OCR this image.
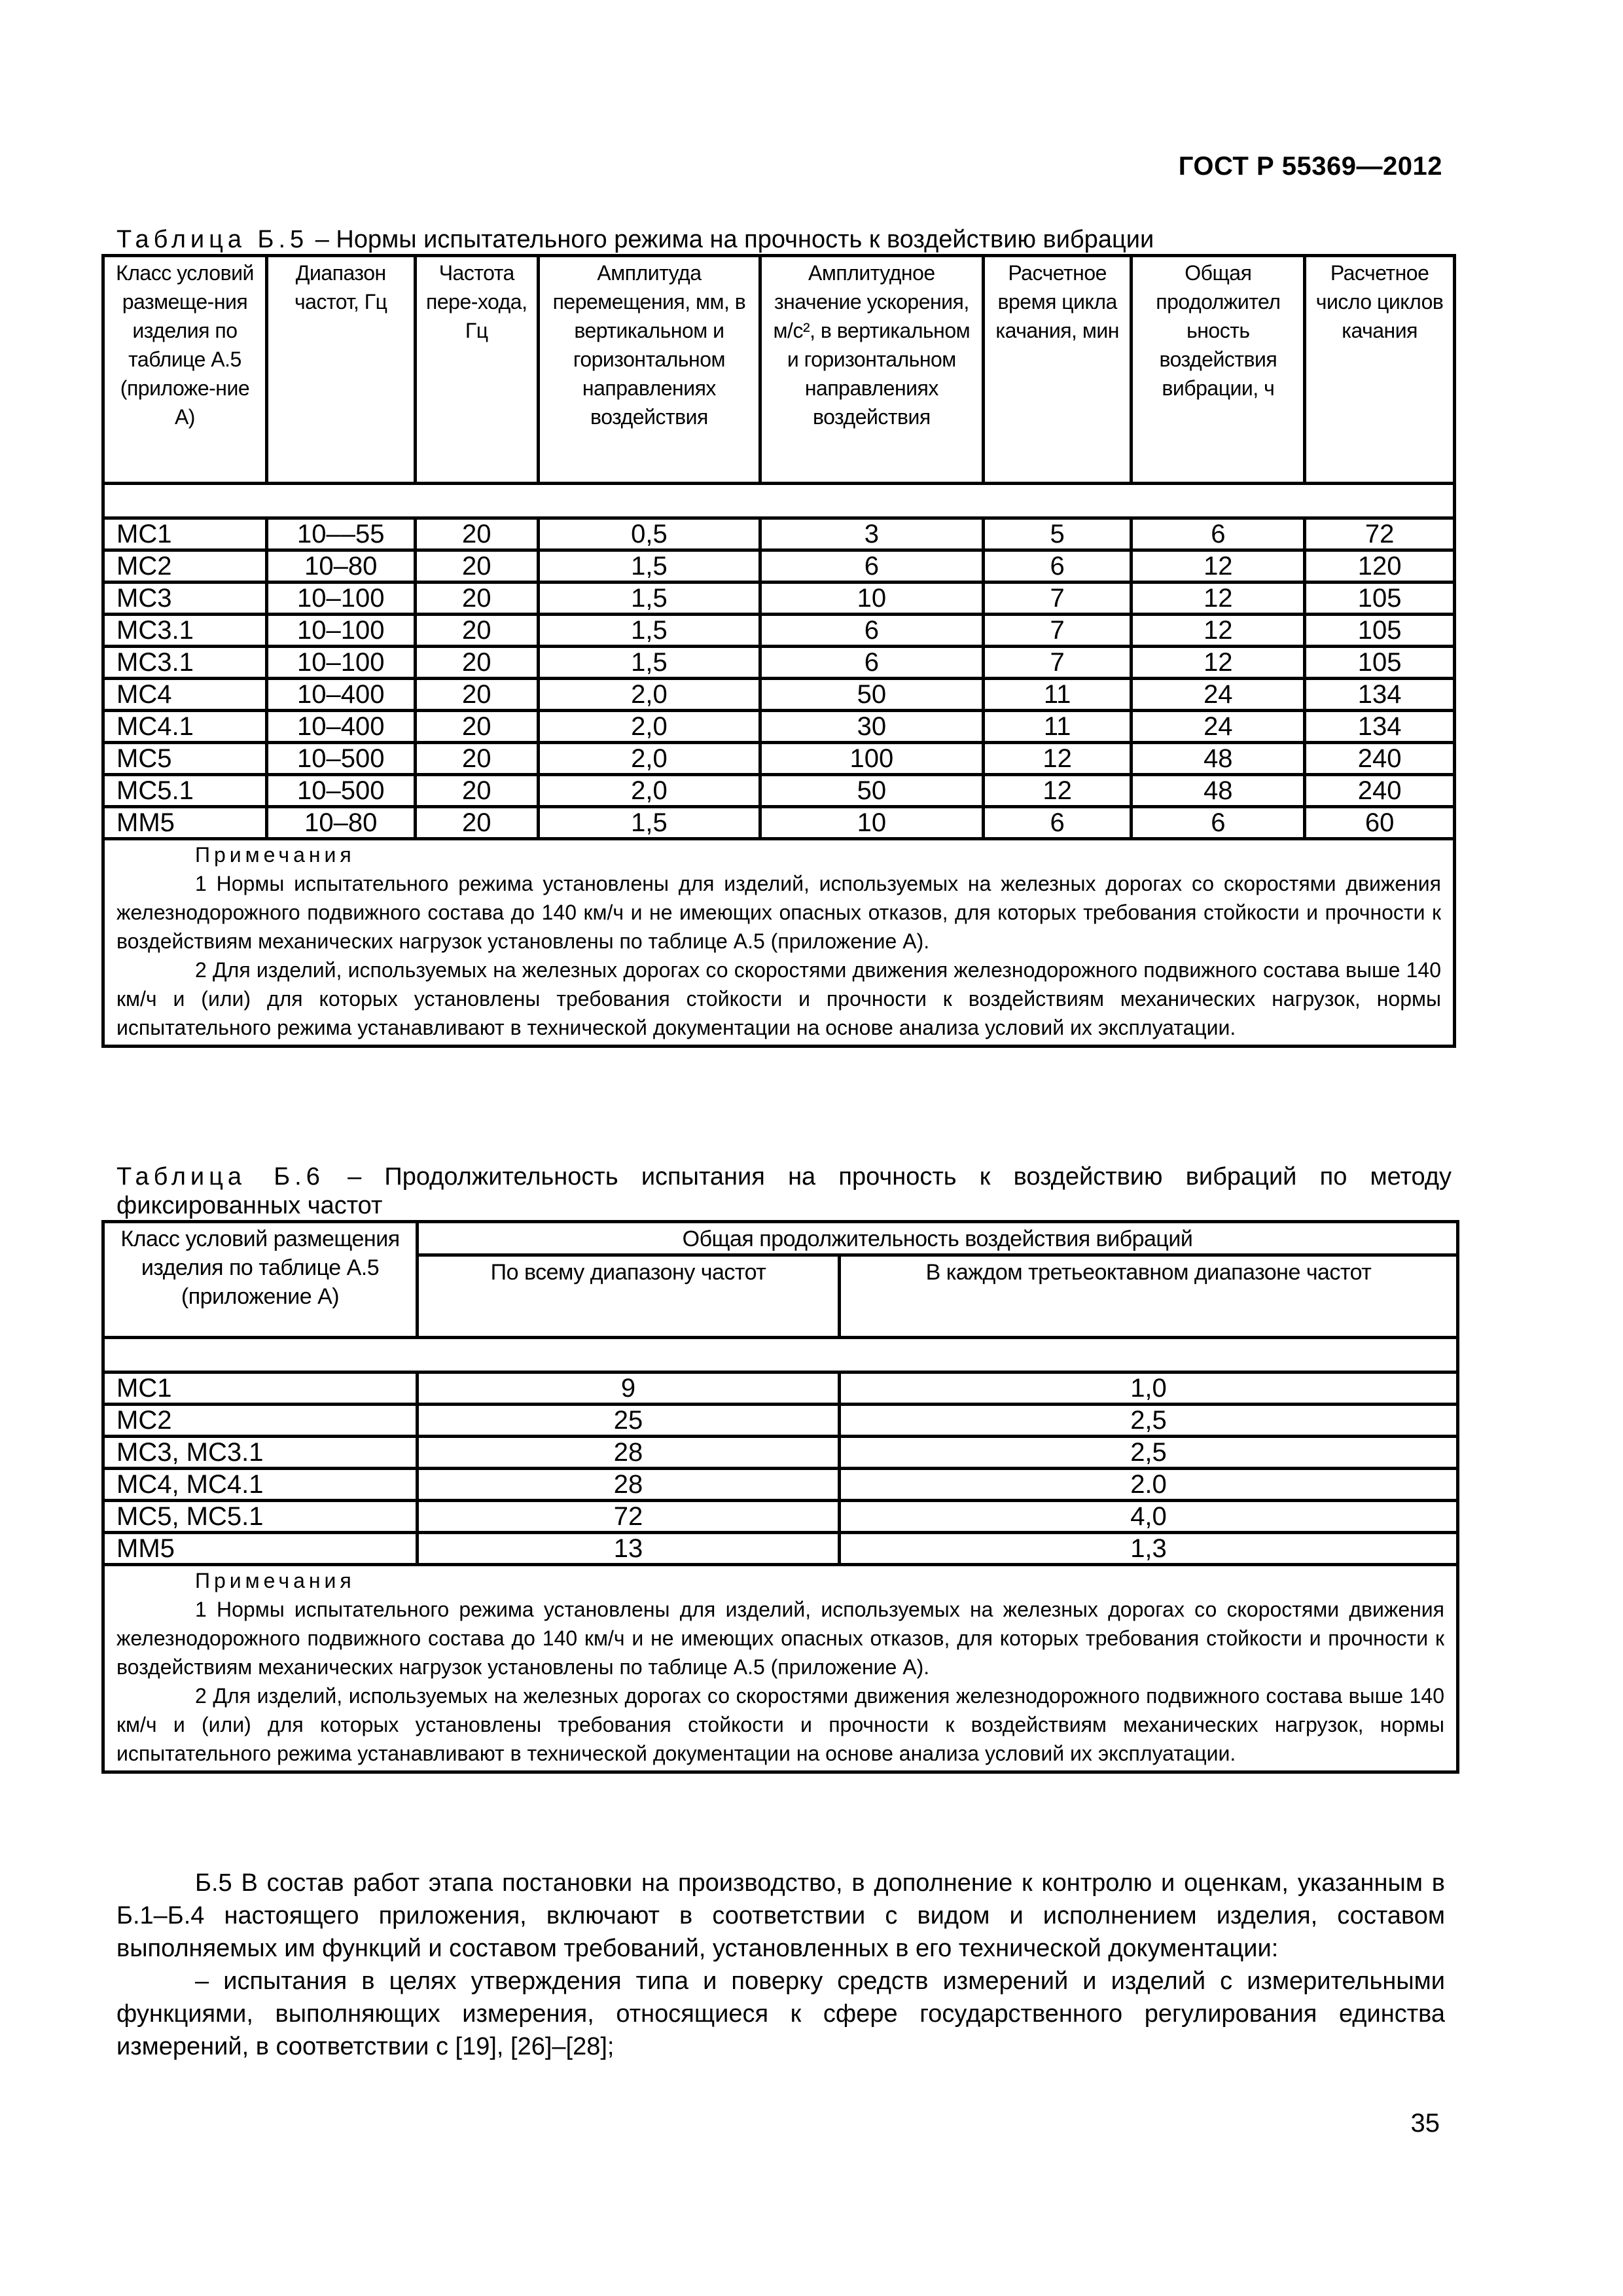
ГОСТ Р 55369—2012
Таблица Б.5 – Нормы испытательного режима на прочность к воздействию вибрации
Класс условий размеще-ния изделия по таблице А.5 (приложе-ние А)	Диапазон частот, Гц	Частота пере-хода, Гц	Амплитуда перемещения, мм, в вертикальном и горизонтальном направлениях воздействия	Амплитудное значение ускорения, м/с², в вертикальном и горизонтальном направлениях воздействия	Расчетное время цикла качания, мин	Общая продолжител ьность воздействия вибрации, ч	Расчетное число циклов качания

МС1	10––55	20	0,5	3	5	6	72
МС2	10–80	20	1,5	6	6	12	120
МС3	10–100	20	1,5	10	7	12	105
МС3.1	10–100	20	1,5	6	7	12	105
МС3.1	10–100	20	1,5	6	7	12	105
МС4	10–400	20	2,0	50	11	24	134
МС4.1	10–400	20	2,0	30	11	24	134
МС5	10–500	20	2,0	100	12	48	240
МС5.1	10–500	20	2,0	50	12	48	240
ММ5	10–80	20	1,5	10	6	6	60

Примечания

1 Нормы испытательного режима установлены для изделий, используемых на железных дорогах со скоростями движения железнодорожного подвижного состава до 140 км/ч и не имеющих опасных отказов, для которых требования стойкости и прочности к воздействиям механических нагрузок установлены по таблице А.5 (приложение А).

2 Для изделий, используемых на железных дорогах со скоростями движения железнодорожного подвижного состава выше 140 км/ч и (или) для которых установлены требования стойкости и прочности к воздействиям механических нагрузок, нормы испытательного режима устанавливают в технической документации на основе анализа условий их эксплуатации.							

Таблица Б.6 – Продолжительность испытания на прочность к воздействию вибраций по методу фиксированных частот
Класс условий размещения изделия по таблице А.5 (приложение А)	Общая продолжительность воздействия вибраций	
	По всему диапазону частот	В каждом третьеоктавном диапазоне частот

МС1	9	1,0
МС2	25	2,5
МС3, МС3.1	28	2,5
МС4, МС4.1	28	2.0
МС5, МС5.1	72	4,0
ММ5	13	1,3

Примечания

1 Нормы испытательного режима установлены для изделий, используемых на железных дорогах со скоростями движения железнодорожного подвижного состава до 140 км/ч и не имеющих опасных отказов, для которых требования стойкости и прочности к воздействиям механических нагрузок установлены по таблице А.5 (приложение А).

2 Для изделий, используемых на железных дорогах со скоростями движения железнодорожного подвижного состава выше 140 км/ч и (или) для которых установлены требования стойкости и прочности к воздействиям механических нагрузок, нормы испытательного режима устанавливают в технической документации на основе анализа условий их эксплуатации.		

Б.5 В состав работ этапа постановки на производство, в дополнение к контролю и оценкам, указанным в Б.1–Б.4 настоящего приложения, включают в соответствии с видом и исполнением изделия, составом выполняемых им функций и составом требований, установленных в его технической документации:

– испытания в целях утверждения типа и поверку средств измерений и изделий с измерительными функциями, выполняющих измерения, относящиеся к сфере государственного регулирования единства измерений, в соответствии с [19], [26]–[28];

35
